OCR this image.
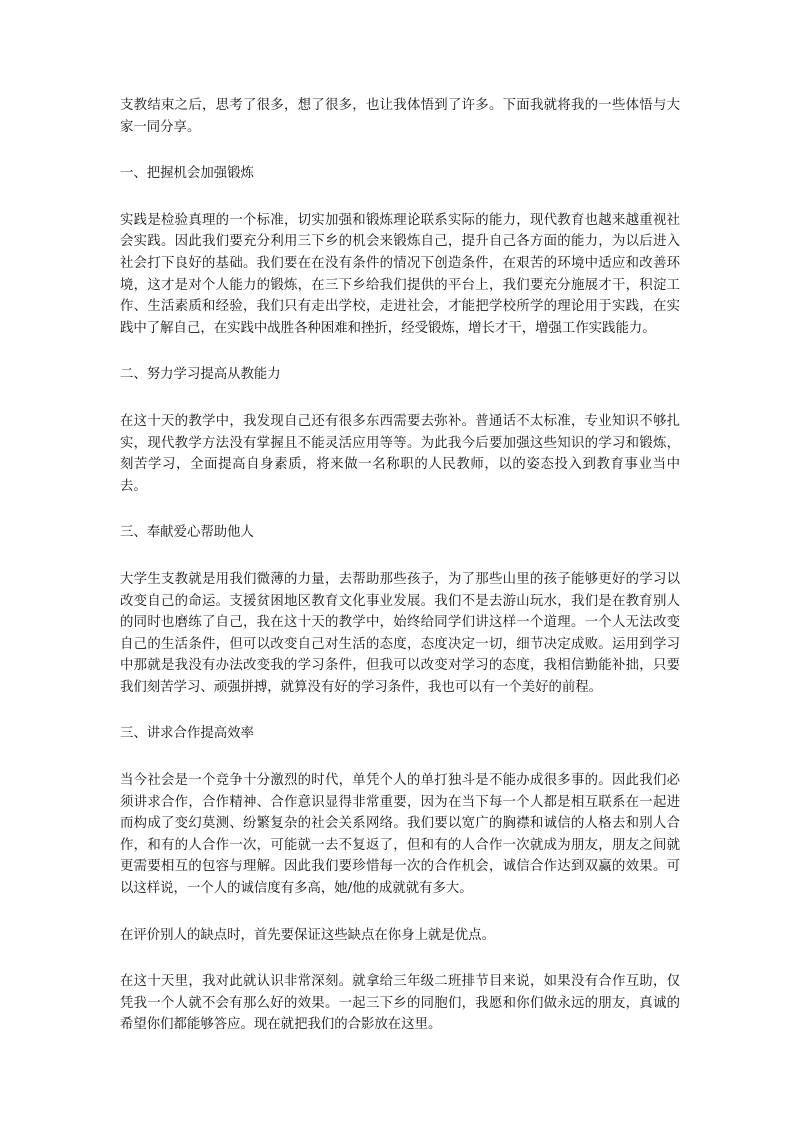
支教结束之后，思考了很多，想了很多，也让我体悟到了许多。下面我就将我的一些体悟与大家一同分享。

一、把握机会加强锻炼

实践是检验真理的一个标准，切实加强和锻炼理论联系实际的能力，现代教育也越来越重视社会实践。因此我们要充分利用三下乡的机会来锻炼自己，提升自己各方面的能力，为以后进入社会打下良好的基础。我们要在在没有条件的情况下创造条件，在艰苦的环境中适应和改善环境，这才是对个人能力的锻炼，在三下乡给我们提供的平台上，我们要充分施展才干，积淀工作、生活素质和经验，我们只有走出学校，走进社会，才能把学校所学的理论用于实践，在实践中了解自己，在实践中战胜各种困难和挫折，经受锻炼，增长才干，增强工作实践能力。

二、努力学习提高从教能力

在这十天的教学中，我发现自己还有很多东西需要去弥补。普通话不太标准，专业知识不够扎实，现代教学方法没有掌握且不能灵活应用等等。为此我今后要加强这些知识的学习和锻炼，刻苦学习，全面提高自身素质，将来做一名称职的人民教师，以的姿态投入到教育事业当中去。

三、奉献爱心帮助他人

大学生支教就是用我们微薄的力量，去帮助那些孩子，为了那些山里的孩子能够更好的学习以改变自己的命运。支援贫困地区教育文化事业发展。我们不是去游山玩水，我们是在教育别人的同时也磨练了自己，我在这十天的教学中，始终给同学们讲这样一个道理。一个人无法改变自己的生活条件，但可以改变自己对生活的态度，态度决定一切，细节决定成败。运用到学习中那就是我没有办法改变我的学习条件，但我可以改变对学习的态度，我相信勤能补拙，只要我们刻苦学习、顽强拼搏，就算没有好的学习条件，我也可以有一个美好的前程。

三、讲求合作提高效率

当今社会是一个竞争十分激烈的时代，单凭个人的单打独斗是不能办成很多事的。因此我们必须讲求合作，合作精神、合作意识显得非常重要，因为在当下每一个人都是相互联系在一起进而构成了变幻莫测、纷繁复杂的社会关系网络。我们要以宽广的胸襟和诚信的人格去和别人合作，和有的人合作一次，可能就一去不复返了，但和有的人合作一次就成为朋友，朋友之间就更需要相互的包容与理解。因此我们要珍惜每一次的合作机会，诚信合作达到双赢的效果。可以这样说，一个人的诚信度有多高，她/他的成就就有多大。

在评价别人的缺点时，首先要保证这些缺点在你身上就是优点。

在这十天里，我对此就认识非常深刻。就拿给三年级二班排节目来说，如果没有合作互助，仅凭我一个人就不会有那么好的效果。一起三下乡的同胞们，我愿和你们做永远的朋友，真诚的希望你们都能够答应。现在就把我们的合影放在这里。
